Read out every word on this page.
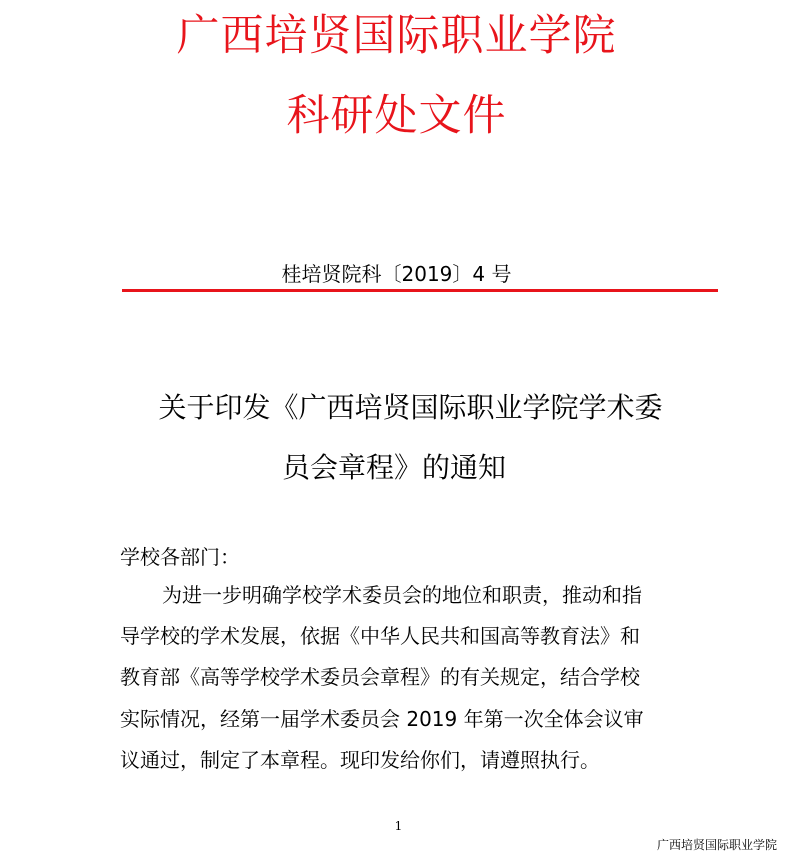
广西培贤国际职业学院
科研处文件
桂培贤院科〔2019〕4 号
关于印发《广西培贤国际职业学院学术委
员会章程》的通知
学校各部门：
为进一步明确学校学术委员会的地位和职责，推动和指
导学校的学术发展，依据《中华人民共和国高等教育法》和
教育部《高等学校学术委员会章程》的有关规定，结合学校
实际情况，经第一届学术委员会 2019 年第一次全体会议审
议通过，制定了本章程。现印发给你们，请遵照执行。
1
广西培贤国际职业学院
